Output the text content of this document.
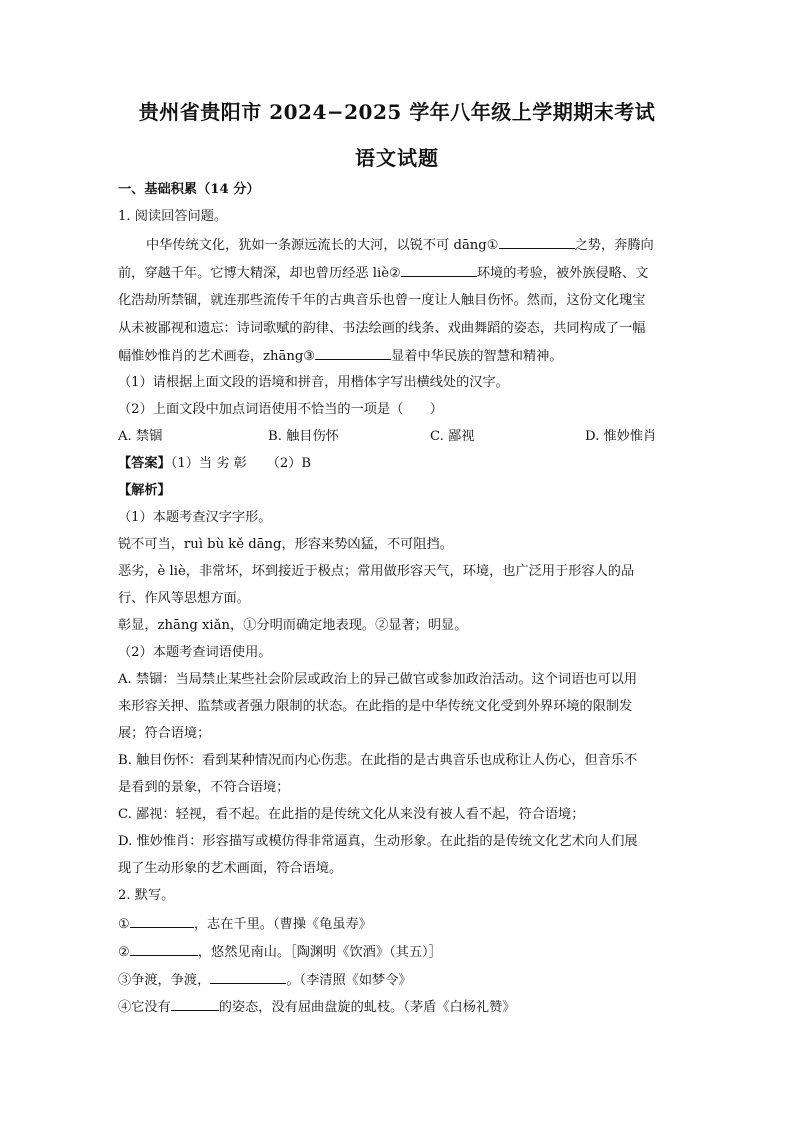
贵州省贵阳市 2024−2025 学年八年级上学期期末考试
语文试题
一、基础积累（14 分）
1. 阅读回答问题。
中华传统文化，犹如一条源远流长的大河，以锐不可 dāng①	之势，奔腾向
前，穿越千年。它博大精深，却也曾历经恶 liè②	环境的考验，被外族侵略、文
化浩劫所禁锢，就连那些流传千年的古典音乐也曾一度让人触目伤怀。然而，这份文化瑰宝
从未被鄙视和遗忘：诗词歌赋的韵律、书法绘画的线条、戏曲舞蹈的姿态，共同构成了一幅
幅惟妙惟肖的艺术画卷，zhāng③	显着中华民族的智慧和精神。
（1）请根据上面文段的语境和拼音，用楷体字写出横线处的汉字。
（2）上面文段中加点词语使用不恰当的一项是（　　）
A. 禁锢	B. 触目伤怀	C. 鄙视	D. 惟妙惟肖
【答案】（1）当 劣 彰　　（2）B
【解析】
（1）本题考查汉字字形。
锐不可当，ruì bù kě dāng，形容来势凶猛，不可阻挡。
恶劣，è liè，非常坏，坏到接近于极点；常用做形容天气，环境，也广泛用于形容人的品
行、作风等思想方面。
彰显，zhāng xiǎn，①分明而确定地表现。②显著；明显。
（2）本题考查词语使用。
A. 禁锢：当局禁止某些社会阶层或政治上的异己做官或参加政治活动。这个词语也可以用
来形容关押、监禁或者强力限制的状态。在此指的是中华传统文化受到外界环境的限制发
展；符合语境；
B. 触目伤怀：看到某种情况而内心伤悲。在此指的是古典音乐也成称让人伤心，但音乐不
是看到的景象，不符合语境；
C. 鄙视：轻视，看不起。在此指的是传统文化从来没有被人看不起，符合语境；
D. 惟妙惟肖：形容描写或模仿得非常逼真，生动形象。在此指的是传统文化艺术向人们展
现了生动形象的艺术画面，符合语境。
2. 默写。
①	，志在千里。（曹操《龟虽寿》
②	，悠然见南山。［陶渊明《饮酒》（其五）］
③争渡，争渡，	。（李清照《如梦令》
④它没有	的姿态，没有屈曲盘旋的虬枝。（茅盾《白杨礼赞》
